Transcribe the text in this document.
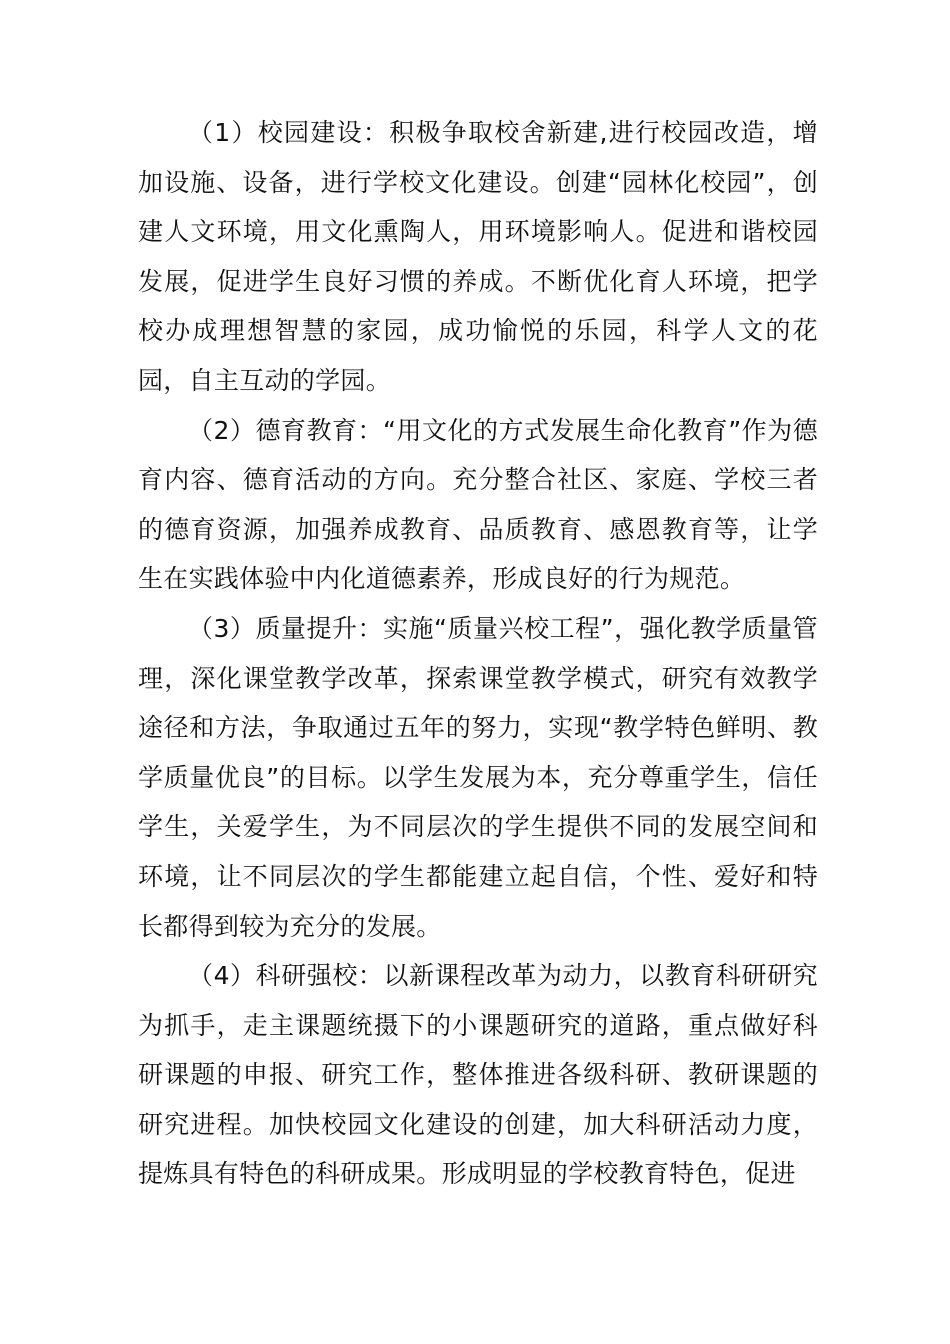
（1）校园建设：积极争取校舍新建,进行校园改造，增加设施、设备，进行学校文化建设。创建“园林化校园”，创建人文环境，用文化熏陶人，用环境影响人。促进和谐校园发展，促进学生良好习惯的养成。不断优化育人环境，把学校办成理想智慧的家园，成功愉悦的乐园，科学人文的花园，自主互动的学园。

（2）德育教育：“用文化的方式发展生命化教育”作为德育内容、德育活动的方向。充分整合社区、家庭、学校三者的德育资源，加强养成教育、品质教育、感恩教育等，让学生在实践体验中内化道德素养，形成良好的行为规范。

（3）质量提升：实施“质量兴校工程”，强化教学质量管理，深化课堂教学改革，探索课堂教学模式，研究有效教学途径和方法，争取通过五年的努力，实现“教学特色鲜明、教学质量优良”的目标。以学生发展为本，充分尊重学生，信任学生，关爱学生，为不同层次的学生提供不同的发展空间和环境，让不同层次的学生都能建立起自信，个性、爱好和特长都得到较为充分的发展。

（4）科研强校：以新课程改革为动力，以教育科研研究为抓手，走主课题统摄下的小课题研究的道路，重点做好科研课题的申报、研究工作，整体推进各级科研、教研课题的研究进程。加快校园文化建设的创建，加大科研活动力度，提炼具有特色的科研成果。形成明显的学校教育特色，促进
